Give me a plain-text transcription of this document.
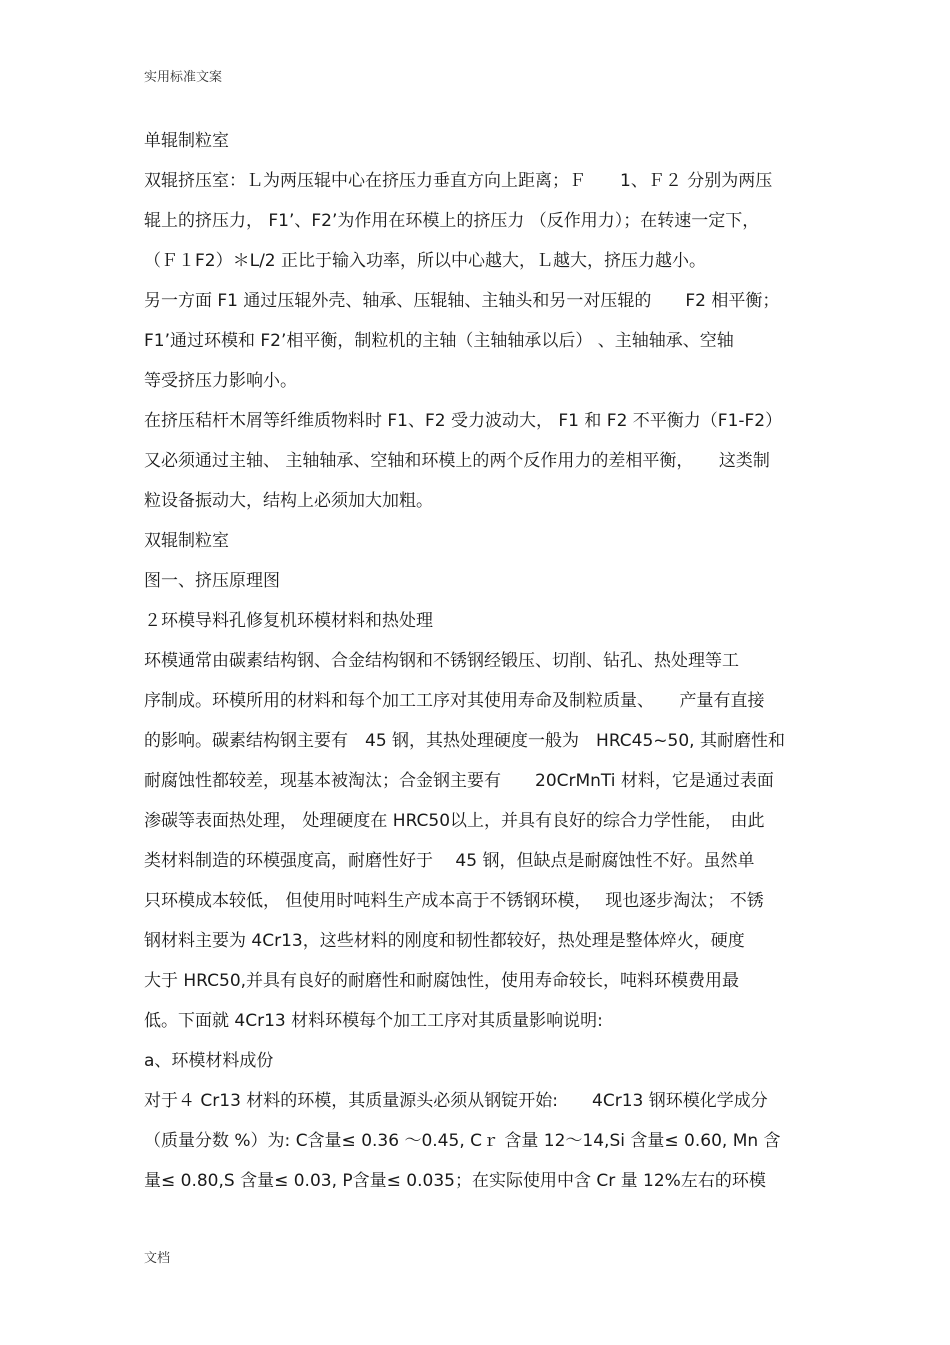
实用标准文案
单辊制粒室
双辊挤压室：Ｌ为两压辊中心在挤压力垂直方向上距离；Ｆ　　1、Ｆ２ 分别为两压
辊上的挤压力， F1’、F2’为作用在环模上的挤压力 （反作用力）；在转速一定下，
（Ｆ１F2）＊L/2 正比于输入功率，所以中心越大，Ｌ越大，挤压力越小。
另一方面 F1 通过压辊外壳、轴承、压辊轴、主轴头和另一对压辊的　　F2 相平衡；
F1’通过环模和 F2’相平衡，制粒机的主轴（主轴轴承以后） 、主轴轴承、空轴
等受挤压力影响小。
在挤压秸杆木屑等纤维质物料时 F1、F2 受力波动大， F1 和 F2 不平衡力（F1-F2）
又必须通过主轴、 主轴轴承、空轴和环模上的两个反作用力的差相平衡，　　这类制
粒设备振动大，结构上必须加大加粗。
双辊制粒室
图一、挤压原理图
２环模导料孔修复机环模材料和热处理
环模通常由碳素结构钢、合金结构钢和不锈钢经锻压、切削、钻孔、热处理等工
序制成。环模所用的材料和每个加工工序对其使用寿命及制粒质量、　　产量有直接
的影响。碳素结构钢主要有　45 钢，其热处理硬度一般为　HRC45~50, 其耐磨性和
耐腐蚀性都较差，现基本被淘汰；合金钢主要有　　20CrMnTi 材料，它是通过表面
渗碳等表面热处理， 处理硬度在 HRC50以上，并具有良好的综合力学性能，　由此
类材料制造的环模强度高，耐磨性好于　 45 钢，但缺点是耐腐蚀性不好。虽然单
只环模成本较低， 但使用时吨料生产成本高于不锈钢环模，　 现也逐步淘汰； 不锈
钢材料主要为 4Cr13，这些材料的刚度和韧性都较好，热处理是整体焠火，硬度
大于 HRC50,并具有良好的耐磨性和耐腐蚀性，使用寿命较长，吨料环模费用最
低。下面就 4Cr13 材料环模每个加工工序对其质量影响说明:
a、环模材料成份
对于４ Cr13 材料的环模，其质量源头必须从钢锭开始:　　4Cr13 钢环模化学成分
（质量分数 %）为: C含量≤ 0.36 ～0.45, Cｒ 含量 12～14,Si 含量≤ 0.60, Mn 含
量≤ 0.80,S 含量≤ 0.03, P含量≤ 0.035；在实际使用中含 Cr 量 12%左右的环模
文档
